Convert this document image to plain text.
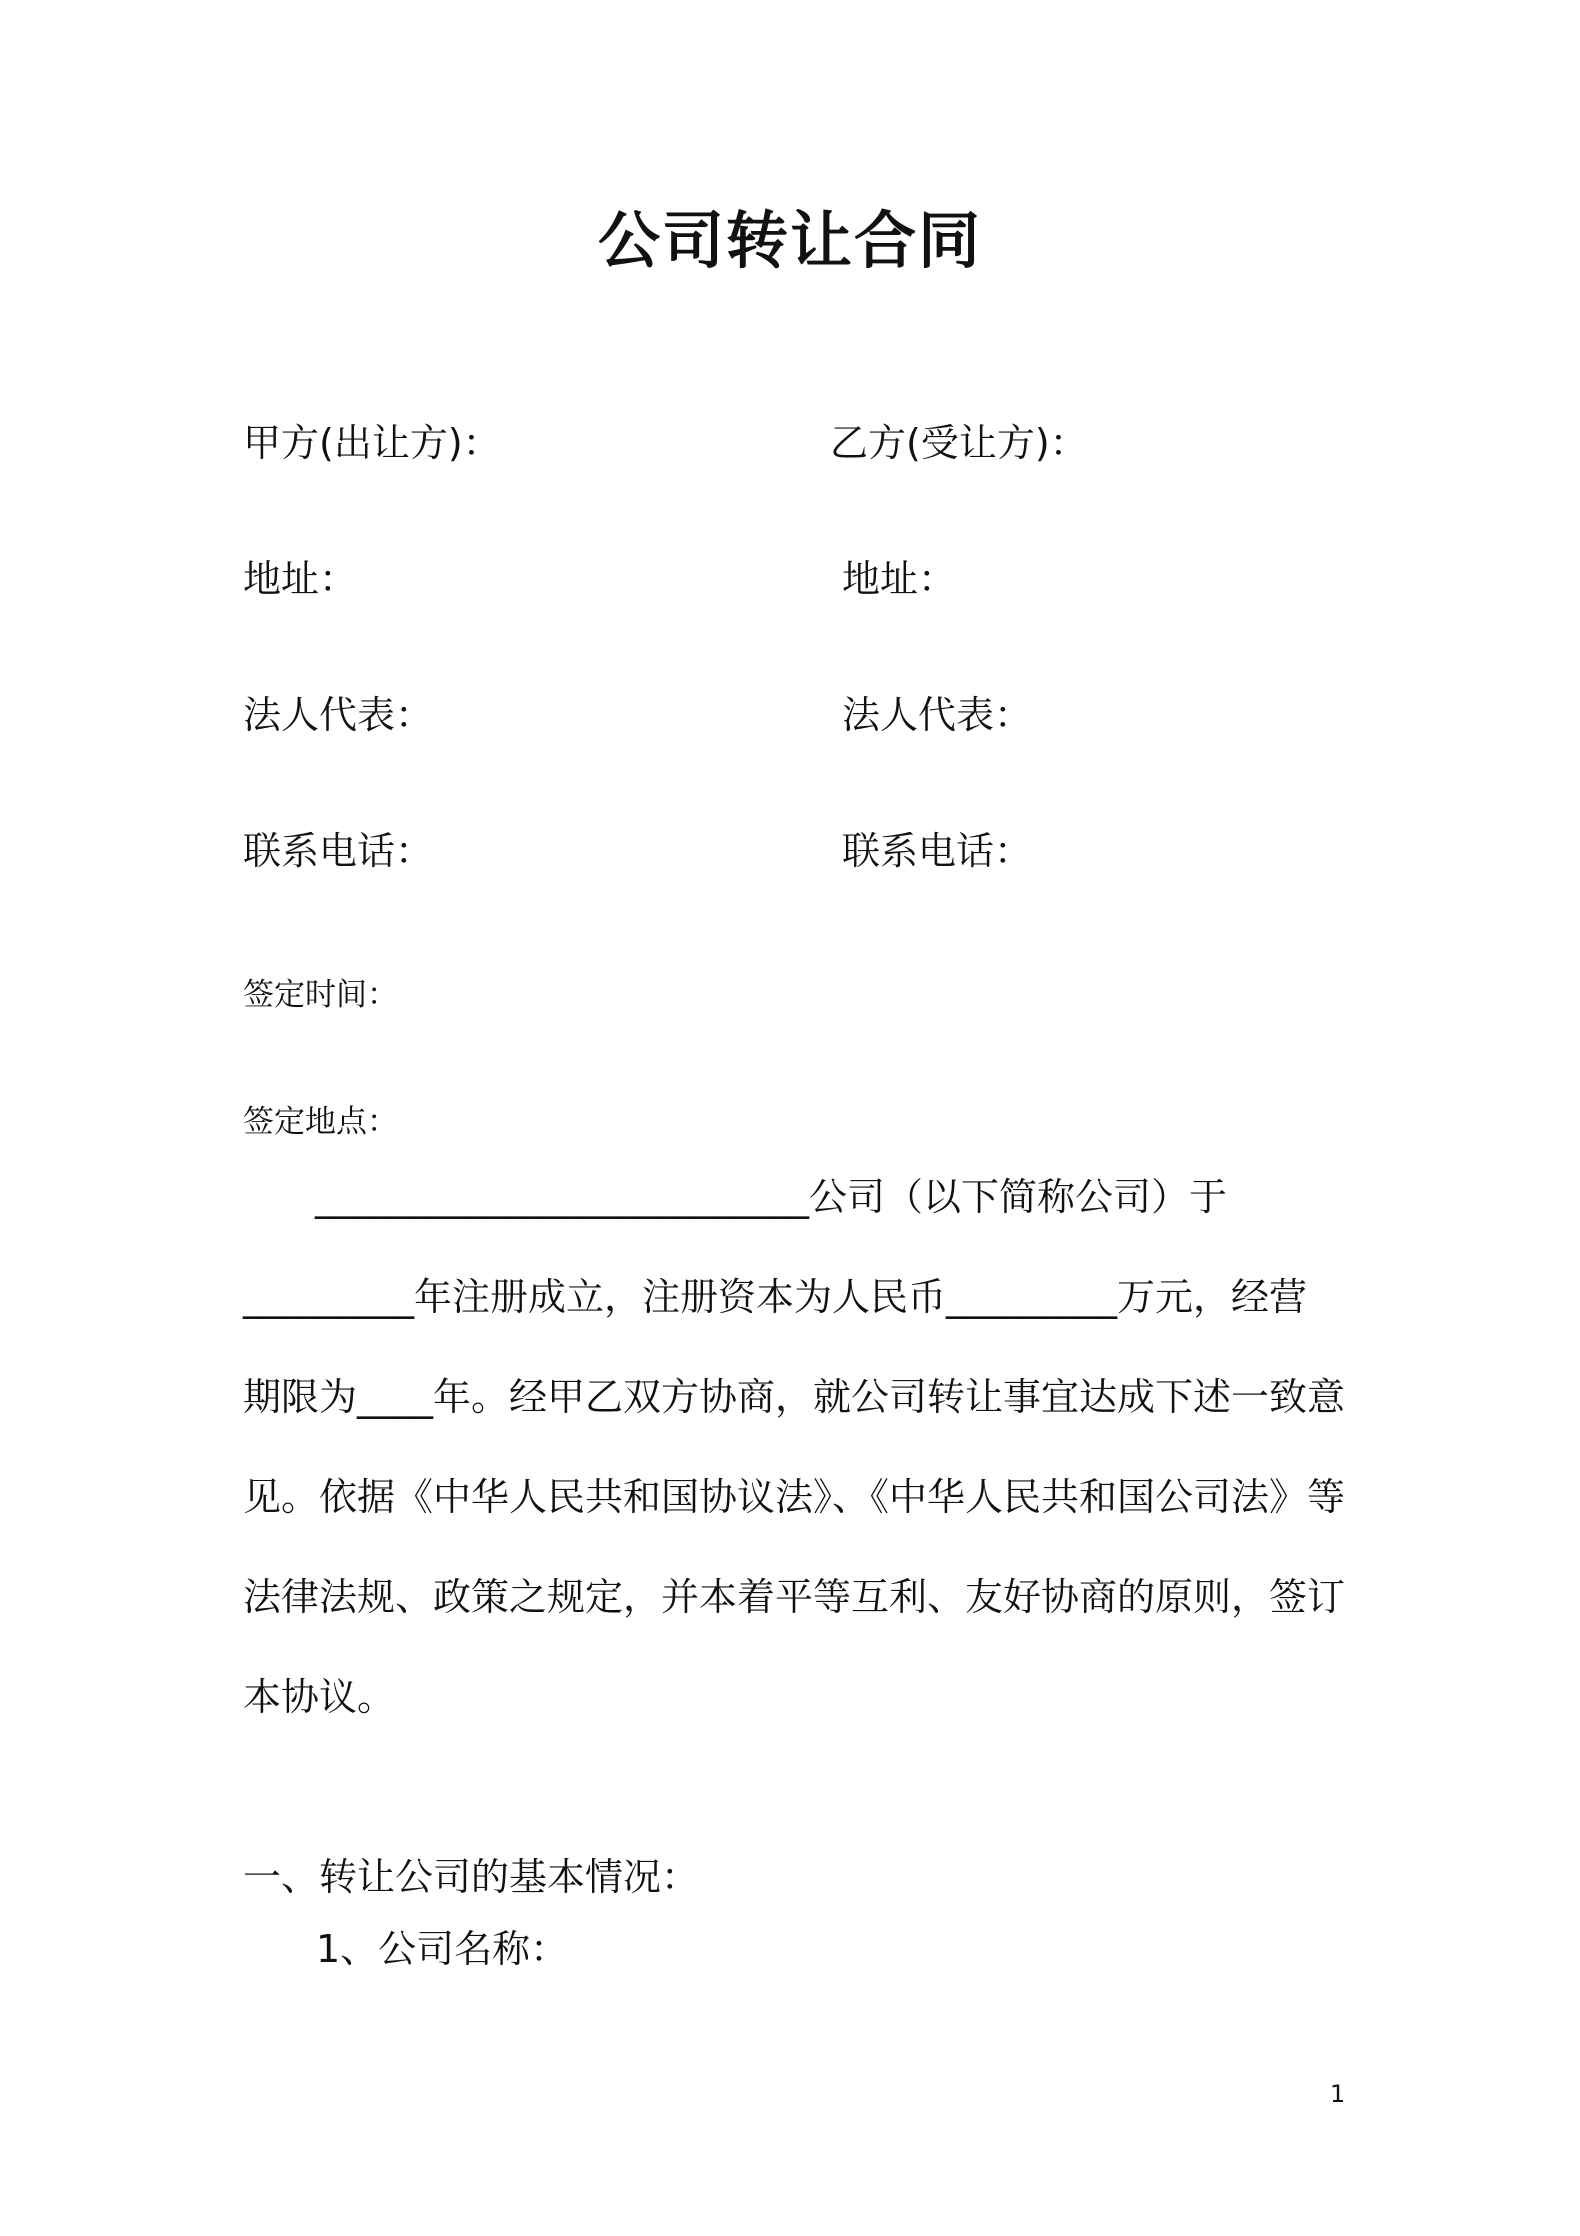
公司转让合同
甲方(出让方)：	乙方(受让方)：
地址：	地址：
法人代表：	法人代表：
联系电话：	联系电话：
签定时间：
签定地点：
__________________________公司（以下简称公司）于
_________年注册成立，注册资本为人民币_________万元，经营
期限为____年。经甲乙双方协商，就公司转让事宜达成下述一致意
见。依据《中华人民共和国协议法》、《中华人民共和国公司法》等
法律法规、政策之规定，并本着平等互利、友好协商的原则，签订
本协议。
一、转让公司的基本情况：
1、公司名称：
1
